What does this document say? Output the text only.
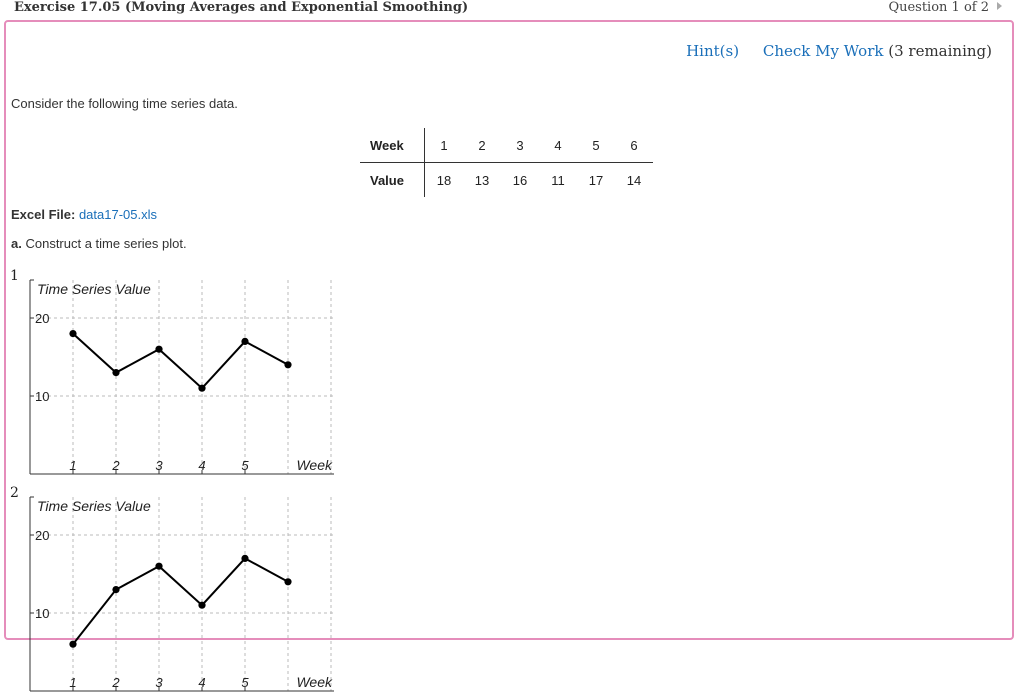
Exercise 17.05 (Moving Averages and Exponential Smoothing)	Question 1 of 2
Hint(s) Check My Work (3 remaining)
Consider the following time series data.
Week	1	2	3	4	5	6
Value	18	13	16	11	17	14
Excel File: data17-05.xls
a. Construct a time series plot.
1
Time Series Value
10
20
1	2	3	4	5	Week
2
Time Series Value
10
20
1	2	3	4	5	Week
